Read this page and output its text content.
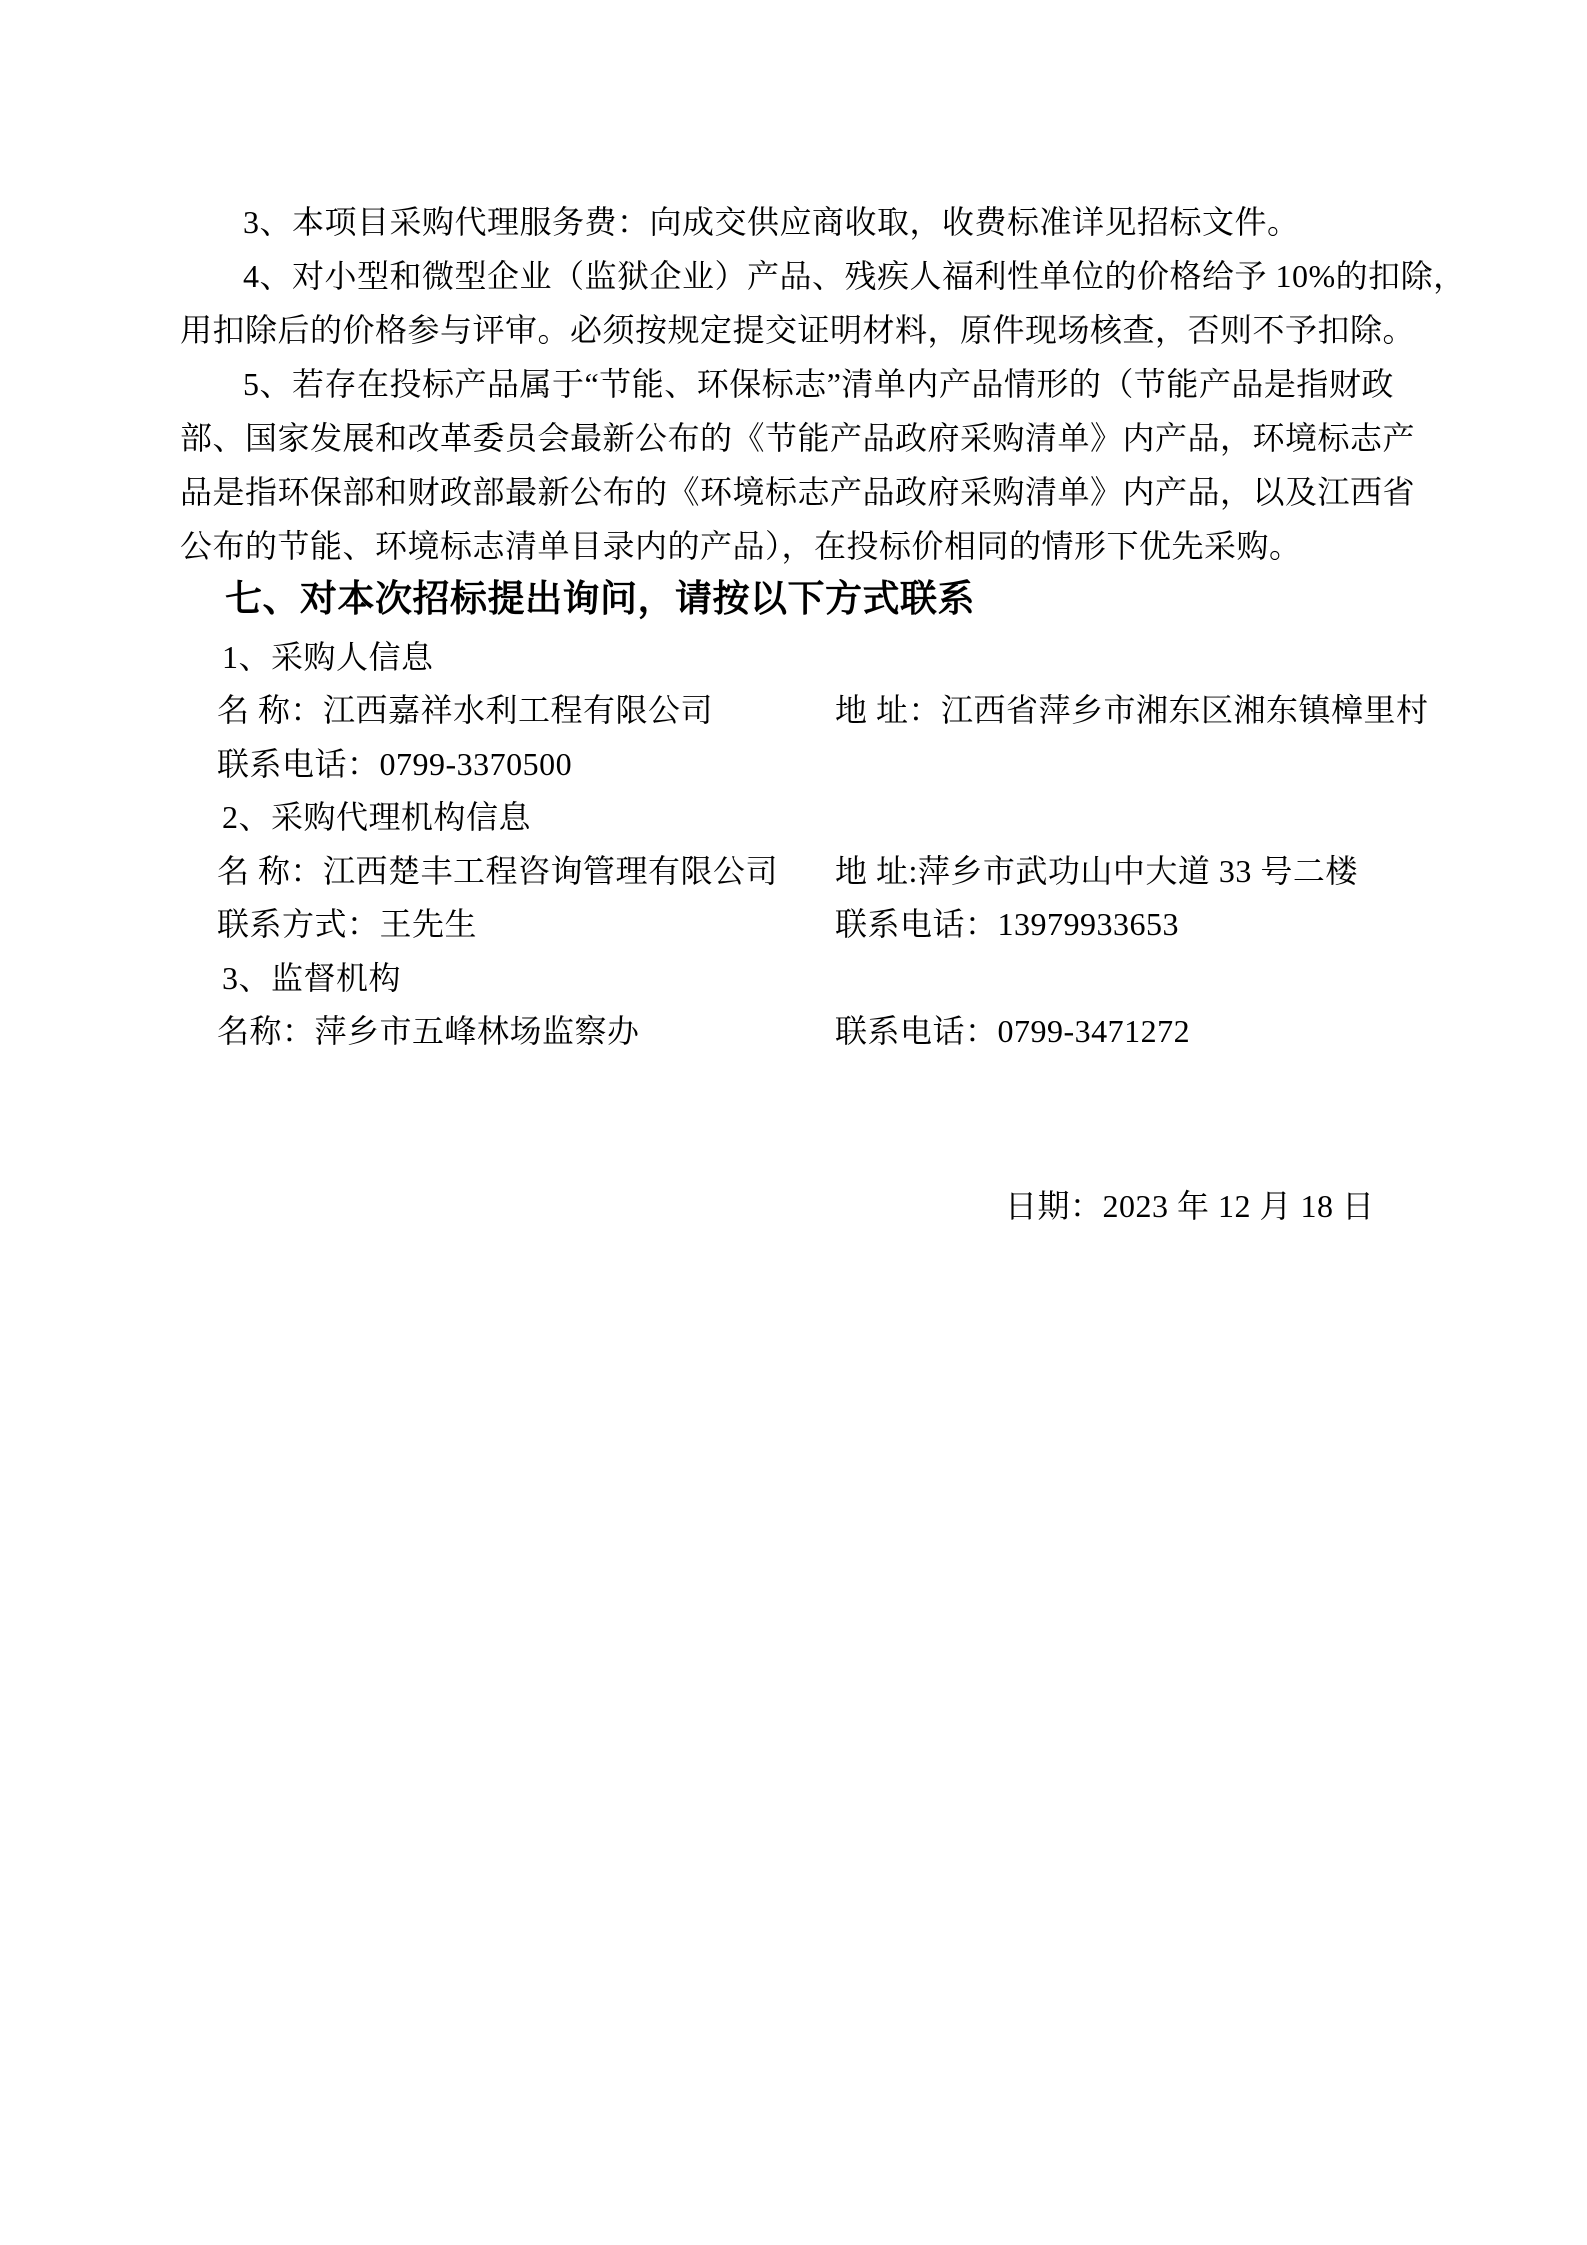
3、本项目采购代理服务费：向成交供应商收取，收费标准详见招标文件。
4、对小型和微型企业（监狱企业）产品、残疾人福利性单位的价格给予 10%的扣除，
用扣除后的价格参与评审。必须按规定提交证明材料，原件现场核查，否则不予扣除。
5、若存在投标产品属于“节能、环保标志”清单内产品情形的（节能产品是指财政
部、国家发展和改革委员会最新公布的《节能产品政府采购清单》内产品，环境标志产
品是指环保部和财政部最新公布的《环境标志产品政府采购清单》内产品，以及江西省
公布的节能、环境标志清单目录内的产品），在投标价相同的情形下优先采购。
七、对本次招标提出询问，请按以下方式联系
1、采购人信息
名 称：江西嘉祥水利工程有限公司	地 址：江西省萍乡市湘东区湘东镇樟里村
联系电话：0799-3370500
2、采购代理机构信息
名 称：江西楚丰工程咨询管理有限公司 地 址:萍乡市武功山中大道 33 号二楼
联系方式：王先生	联系电话：13979933653
3、监督机构
名称：萍乡市五峰林场监察办	联系电话：0799-3471272
日期：2023 年 12 月 18 日
